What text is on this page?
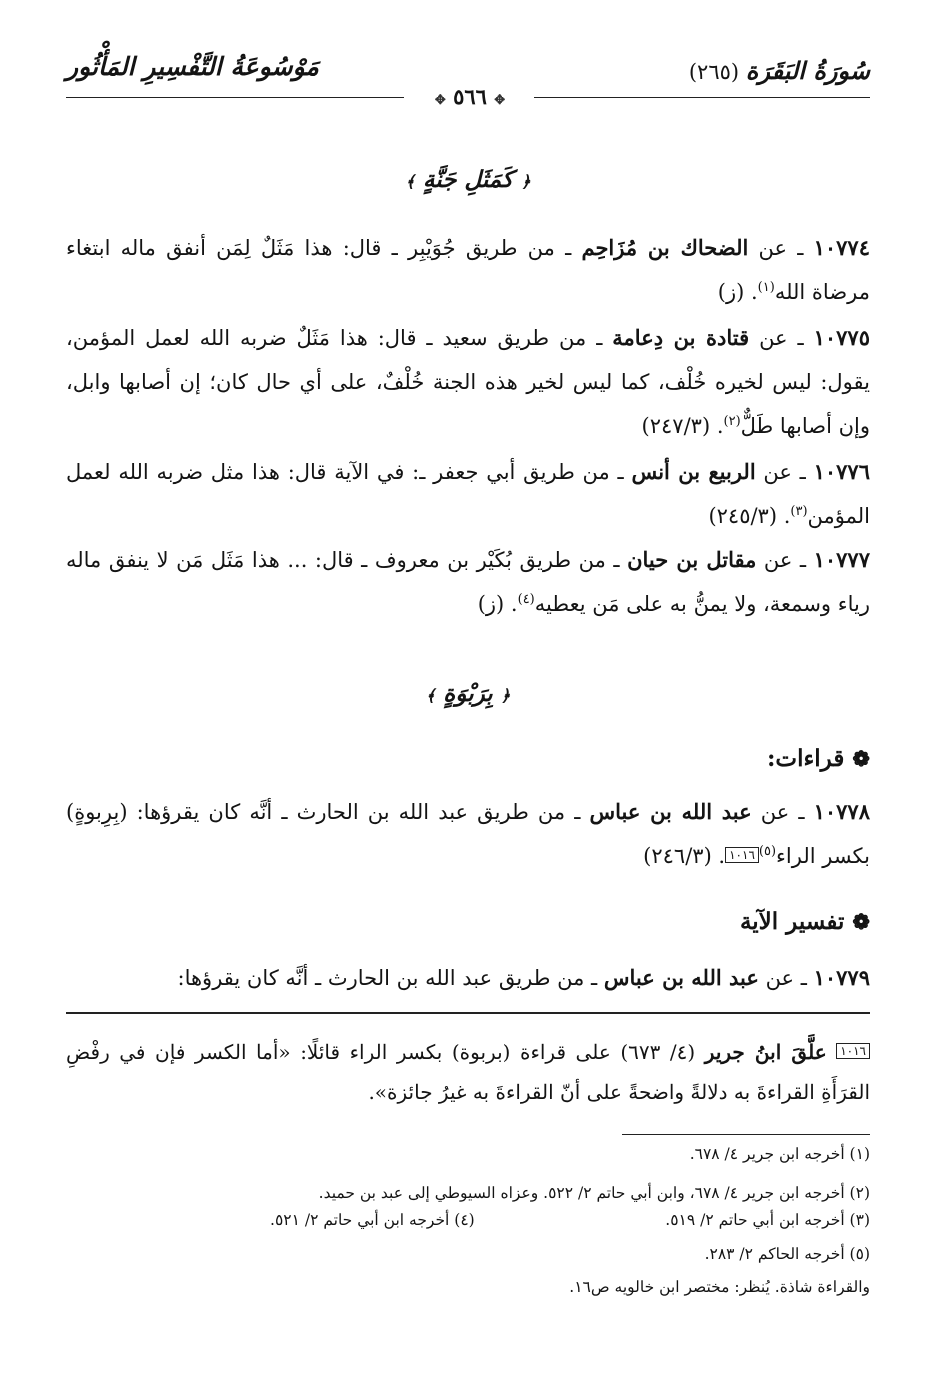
سُورَةُ البَقَرَة (٢٦٥)
مَوْسُوعَةُ التَّفْسِيرِ المَأْثُور
✥ ٥٦٦ ✥
﴿ كَمَثَلِ جَنَّةٍ ﴾
١٠٧٧٤ ـ عن الضحاك بن مُزَاحِم ـ من طريق جُوَيْبِر ـ قال: هذا مَثَلٌ لِمَن أنفق ماله ابتغاء مرضاة الله$^{(١)}$. (ز)
١٠٧٧٥ ـ عن قتادة بن دِعامة ـ من طريق سعيد ـ قال: هذا مَثَلٌ ضربه الله لعمل المؤمن، يقول: ليس لخيره خُلْف، كما ليس لخير هذه الجنة خُلْفٌ، على أي حال كان؛ إن أصابها وابل، وإن أصابها طَلٌّ$^{(٢)}$. (٢٤٧/٣)
١٠٧٧٦ ـ عن الربيع بن أنس ـ من طريق أبي جعفر ـ: في الآية قال: هذا مثل ضربه الله لعمل المؤمن$^{(٣)}$. (٢٤٥/٣)
١٠٧٧٧ ـ عن مقاتل بن حيان ـ من طريق بُكَيْر بن معروف ـ قال: ... هذا مَثَل مَن لا ينفق ماله رياء وسمعة، ولا يمنُّ به على مَن يعطيه$^{(٤)}$. (ز)
﴿ بِرَبْوَةٍ ﴾
❁ قراءات:
١٠٧٧٨ ـ عن عبد الله بن عباس ـ من طريق عبد الله بن الحارث ـ أنَّه كان يقرؤها: (بِرِبوةٍ) بكسر الراء$^{(٥)}$١٠١٦. (٢٤٦/٣)
❁ تفسير الآية
١٠٧٧٩ ـ عن عبد الله بن عباس ـ من طريق عبد الله بن الحارث ـ أنَّه كان يقرؤها:
١٠١٦ علَّقَ ابنُ جرير (٤/ ٦٧٣) على قراءة (بربوة) بكسر الراء قائلًا: «أما الكسر فإن في رفْضِ القرَأَةِ القراءةَ به دلالةً واضحةً على أنّ القراءةَ به غيرُ جائزة».
(١) أخرجه ابن جرير ٤/ ٦٧٨.
(٢) أخرجه ابن جرير ٤/ ٦٧٨، وابن أبي حاتم ٢/ ٥٢٢. وعزاه السيوطي إلى عبد بن حميد.
(٣) أخرجه ابن أبي حاتم ٢/ ٥١٩.
(٤) أخرجه ابن أبي حاتم ٢/ ٥٢١.
(٥) أخرجه الحاكم ٢/ ٢٨٣.
والقراءة شاذة. يُنظر: مختصر ابن خالويه ص١٦.
